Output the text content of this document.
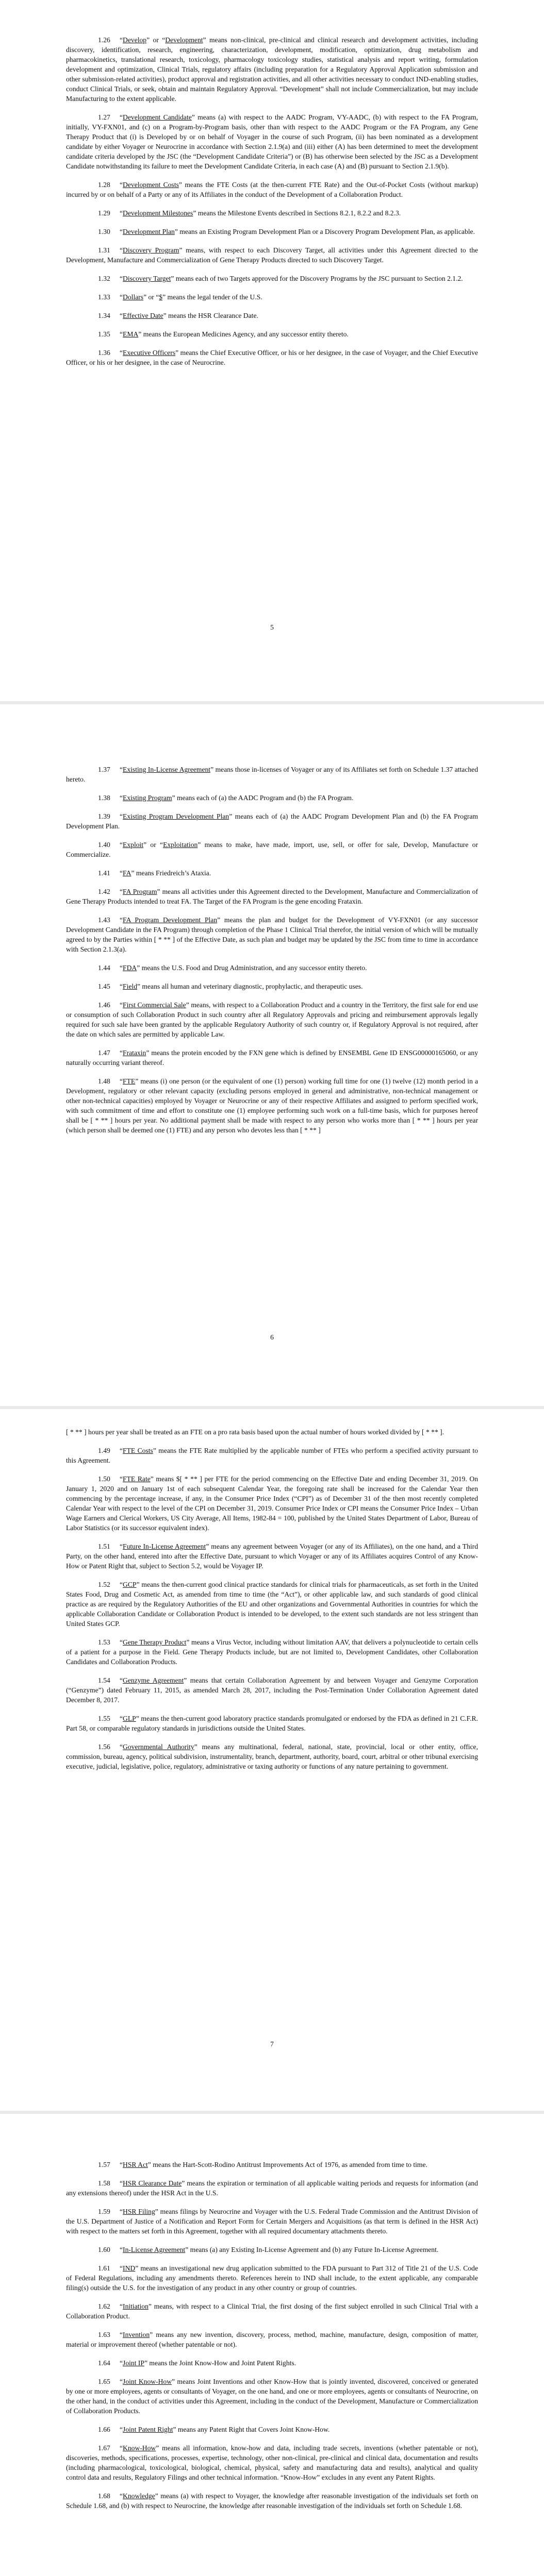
1.26 “Develop” or “Development” means non-clinical, pre-clinical and clinical research and development activities, including discovery, identification, research, engineering, characterization, development, modification, optimization, drug metabolism and pharmacokinetics, translational research, toxicology, pharmacology toxicology studies, statistical analysis and report writing, formulation development and optimization, Clinical Trials, regulatory affairs (including preparation for a Regulatory Approval Application submission and other submission-related activities), product approval and registration activities, and all other activities necessary to conduct IND-enabling studies, conduct Clinical Trials, or seek, obtain and maintain Regulatory Approval. “Development” shall not include Commercialization, but may include Manufacturing to the extent applicable.

1.27 “Development Candidate” means (a) with respect to the AADC Program, VY-AADC, (b) with respect to the FA Program, initially, VY-FXN01, and (c) on a Program-by-Program basis, other than with respect to the AADC Program or the FA Program, any Gene Therapy Product that (i) is Developed by or on behalf of Voyager in the course of such Program, (ii) has been nominated as a development candidate by either Voyager or Neurocrine in accordance with Section 2.1.9(a) and (iii) either (A) has been determined to meet the development candidate criteria developed by the JSC (the “Development Candidate Criteria”) or (B) has otherwise been selected by the JSC as a Development Candidate notwithstanding its failure to meet the Development Candidate Criteria, in each case (A) and (B) pursuant to Section 2.1.9(b).

1.28 “Development Costs” means the FTE Costs (at the then-current FTE Rate) and the Out-of-Pocket Costs (without markup) incurred by or on behalf of a Party or any of its Affiliates in the conduct of the Development of a Collaboration Product.

1.29 “Development Milestones” means the Milestone Events described in Sections 8.2.1, 8.2.2 and 8.2.3.

1.30 “Development Plan” means an Existing Program Development Plan or a Discovery Program Development Plan, as applicable.

1.31 “Discovery Program” means, with respect to each Discovery Target, all activities under this Agreement directed to the Development, Manufacture and Commercialization of Gene Therapy Products directed to such Discovery Target.

1.32 “Discovery Target” means each of two Targets approved for the Discovery Programs by the JSC pursuant to Section 2.1.2.

1.33 “Dollars” or “$” means the legal tender of the U.S.

1.34 “Effective Date” means the HSR Clearance Date.

1.35 “EMA” means the European Medicines Agency, and any successor entity thereto.

1.36 “Executive Officers” means the Chief Executive Officer, or his or her designee, in the case of Voyager, and the Chief Executive Officer, or his or her designee, in the case of Neurocrine.

5

1.37 “Existing In-License Agreement” means those in-licenses of Voyager or any of its Affiliates set forth on Schedule 1.37 attached hereto.

1.38 “Existing Program” means each of (a) the AADC Program and (b) the FA Program.

1.39 “Existing Program Development Plan” means each of (a) the AADC Program Development Plan and (b) the FA Program Development Plan.

1.40 “Exploit” or “Exploitation” means to make, have made, import, use, sell, or offer for sale, Develop, Manufacture or Commercialize.

1.41 “FA” means Friedreich’s Ataxia.

1.42 “FA Program” means all activities under this Agreement directed to the Development, Manufacture and Commercialization of Gene Therapy Products intended to treat FA. The Target of the FA Program is the gene encoding Frataxin.

1.43 “FA Program Development Plan” means the plan and budget for the Development of VY-FXN01 (or any successor Development Candidate in the FA Program) through completion of the Phase 1 Clinical Trial therefor, the initial version of which will be mutually agreed to by the Parties within [ * ** ] of the Effective Date, as such plan and budget may be updated by the JSC from time to time in accordance with Section 2.1.3(a).

1.44 “FDA” means the U.S. Food and Drug Administration, and any successor entity thereto.

1.45 “Field” means all human and veterinary diagnostic, prophylactic, and therapeutic uses.

1.46 “First Commercial Sale” means, with respect to a Collaboration Product and a country in the Territory, the first sale for end use or consumption of such Collaboration Product in such country after all Regulatory Approvals and pricing and reimbursement approvals legally required for such sale have been granted by the applicable Regulatory Authority of such country or, if Regulatory Approval is not required, after the date on which sales are permitted by applicable Law.

1.47 “Frataxin” means the protein encoded by the FXN gene which is defined by ENSEMBL Gene ID ENSG00000165060, or any naturally occurring variant thereof.

1.48 “FTE” means (i) one person (or the equivalent of one (1) person) working full time for one (1) twelve (12) month period in a Development, regulatory or other relevant capacity (excluding persons employed in general and administrative, non-technical management or other non-technical capacities) employed by Voyager or Neurocrine or any of their respective Affiliates and assigned to perform specified work, with such commitment of time and effort to constitute one (1) employee performing such work on a full-time basis, which for purposes hereof shall be [ * ** ] hours per year. No additional payment shall be made with respect to any person who works more than [ * ** ] hours per year (which person shall be deemed one (1) FTE) and any person who devotes less than [ * ** ]

6

[ * ** ] hours per year shall be treated as an FTE on a pro rata basis based upon the actual number of hours worked divided by [ * ** ].

1.49 “FTE Costs” means the FTE Rate multiplied by the applicable number of FTEs who perform a specified activity pursuant to this Agreement.

1.50 “FTE Rate” means $[ * ** ] per FTE for the period commencing on the Effective Date and ending December 31, 2019. On January 1, 2020 and on January 1st of each subsequent Calendar Year, the foregoing rate shall be increased for the Calendar Year then commencing by the percentage increase, if any, in the Consumer Price Index (“CPI”) as of December 31 of the then most recently completed Calendar Year with respect to the level of the CPI on December 31, 2019. Consumer Price Index or CPI means the Consumer Price Index – Urban Wage Earners and Clerical Workers, US City Average, All Items, 1982-84 = 100, published by the United States Department of Labor, Bureau of Labor Statistics (or its successor equivalent index).

1.51 “Future In-License Agreement” means any agreement between Voyager (or any of its Affiliates), on the one hand, and a Third Party, on the other hand, entered into after the Effective Date, pursuant to which Voyager or any of its Affiliates acquires Control of any Know-How or Patent Right that, subject to Section 5.2, would be Voyager IP.

1.52 “GCP” means the then-current good clinical practice standards for clinical trials for pharmaceuticals, as set forth in the United States Food, Drug and Cosmetic Act, as amended from time to time (the “Act”), or other applicable law, and such standards of good clinical practice as are required by the Regulatory Authorities of the EU and other organizations and Governmental Authorities in countries for which the applicable Collaboration Candidate or Collaboration Product is intended to be developed, to the extent such standards are not less stringent than United States GCP.

1.53 “Gene Therapy Product” means a Virus Vector, including without limitation AAV, that delivers a polynucleotide to certain cells of a patient for a purpose in the Field. Gene Therapy Products include, but are not limited to, Development Candidates, other Collaboration Candidates and Collaboration Products.

1.54 “Genzyme Agreement” means that certain Collaboration Agreement by and between Voyager and Genzyme Corporation (“Genzyme”) dated February 11, 2015, as amended March 28, 2017, including the Post-Termination Under Collaboration Agreement dated December 8, 2017.

1.55 “GLP” means the then-current good laboratory practice standards promulgated or endorsed by the FDA as defined in 21 C.F.R. Part 58, or comparable regulatory standards in jurisdictions outside the United States.

1.56 “Governmental Authority” means any multinational, federal, national, state, provincial, local or other entity, office, commission, bureau, agency, political subdivision, instrumentality, branch, department, authority, board, court, arbitral or other tribunal exercising executive, judicial, legislative, police, regulatory, administrative or taxing authority or functions of any nature pertaining to government.

7

1.57 “HSR Act” means the Hart-Scott-Rodino Antitrust Improvements Act of 1976, as amended from time to time.

1.58 “HSR Clearance Date” means the expiration or termination of all applicable waiting periods and requests for information (and any extensions thereof) under the HSR Act in the U.S.

1.59 “HSR Filing” means filings by Neurocrine and Voyager with the U.S. Federal Trade Commission and the Antitrust Division of the U.S. Department of Justice of a Notification and Report Form for Certain Mergers and Acquisitions (as that term is defined in the HSR Act) with respect to the matters set forth in this Agreement, together with all required documentary attachments thereto.

1.60 “In-License Agreement” means (a) any Existing In-License Agreement and (b) any Future In-License Agreement.

1.61 “IND” means an investigational new drug application submitted to the FDA pursuant to Part 312 of Title 21 of the U.S. Code of Federal Regulations, including any amendments thereto. References herein to IND shall include, to the extent applicable, any comparable filing(s) outside the U.S. for the investigation of any product in any other country or group of countries.

1.62 “Initiation” means, with respect to a Clinical Trial, the first dosing of the first subject enrolled in such Clinical Trial with a Collaboration Product.

1.63 “Invention” means any new invention, discovery, process, method, machine, manufacture, design, composition of matter, material or improvement thereof (whether patentable or not).

1.64 “Joint IP” means the Joint Know-How and Joint Patent Rights.

1.65 “Joint Know-How” means Joint Inventions and other Know-How that is jointly invented, discovered, conceived or generated by one or more employees, agents or consultants of Voyager, on the one hand, and one or more employees, agents or consultants of Neurocrine, on the other hand, in the conduct of activities under this Agreement, including in the conduct of the Development, Manufacture or Commercialization of Collaboration Products.

1.66 “Joint Patent Right” means any Patent Right that Covers Joint Know-How.

1.67 “Know-How” means all information, know-how and data, including trade secrets, inventions (whether patentable or not), discoveries, methods, specifications, processes, expertise, technology, other non-clinical, pre-clinical and clinical data, documentation and results (including pharmacological, toxicological, biological, chemical, physical, safety and manufacturing data and results), analytical and quality control data and results, Regulatory Filings and other technical information. “Know-How” excludes in any event any Patent Rights.

1.68 “Knowledge” means (a) with respect to Voyager, the knowledge after reasonable investigation of the individuals set forth on Schedule 1.68, and (b) with respect to Neurocrine, the knowledge after reasonable investigation of the individuals set forth on Schedule 1.68.
